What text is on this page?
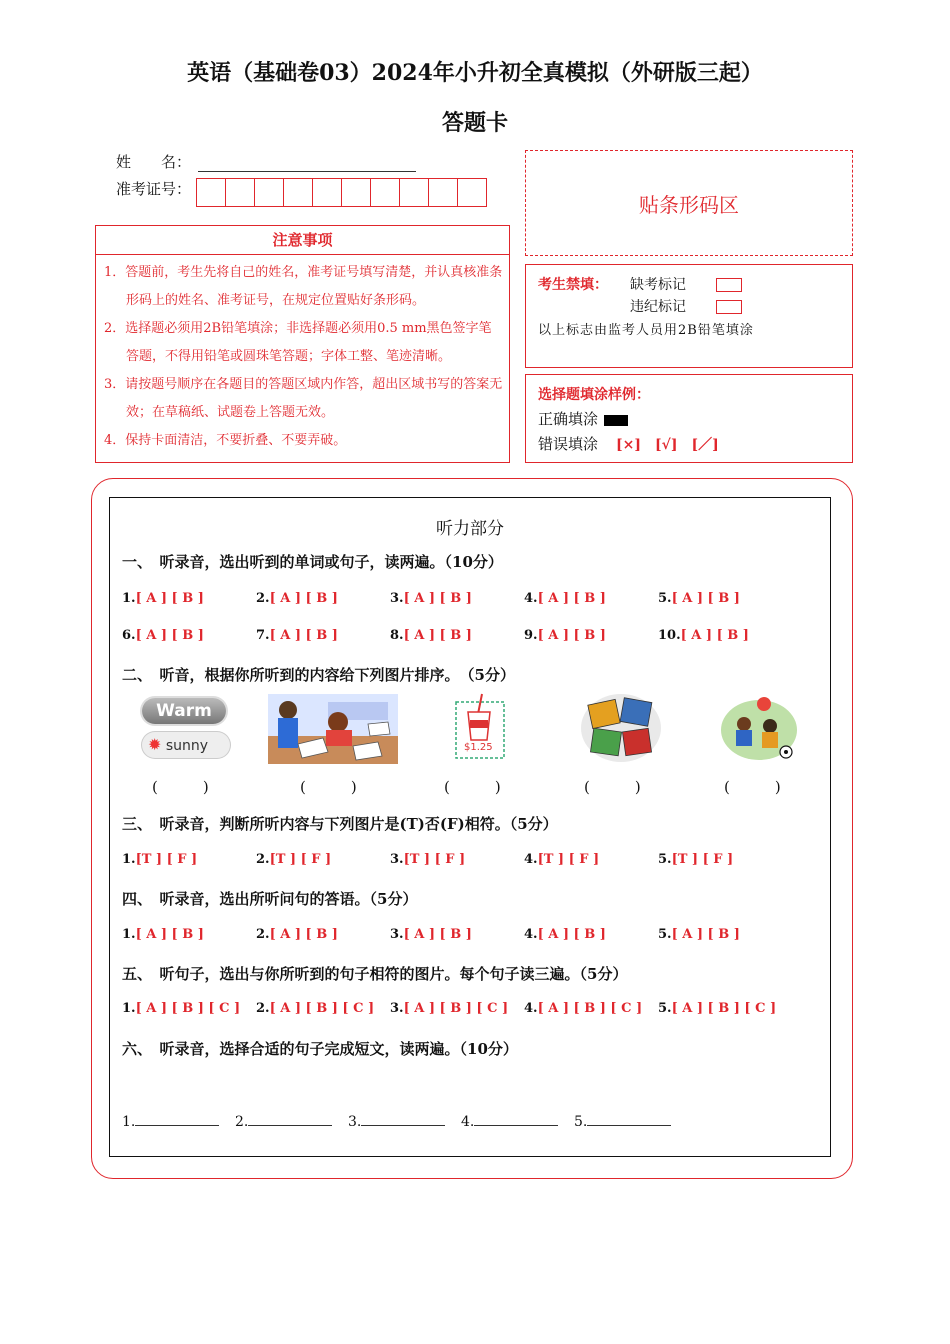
英语（基础卷03）2024年小升初全真模拟（外研版三起）
答题卡
姓　　名：
准考证号：
贴条形码区
注意事项

1．答题前，考生先将自己的姓名，准考证号填写清楚，并认真核准条形码上的姓名、准考证号，在规定位置贴好条形码。

2．选择题必须用2B铅笔填涂；非选择题必须用0.5 mm黑色签字笔答题，不得用铅笔或圆珠笔答题；字体工整、笔迹清晰。

3．请按题号顺序在各题目的答题区域内作答，超出区域书写的答案无效；在草稿纸、试题卷上答题无效。

4．保持卡面清洁，不要折叠、不要弄破。

考生禁填： 缺考标记
违纪标记
以上标志由监考人员用2B铅笔填涂
选择题填涂样例：
正确填涂
错误填涂 [×]　[√]　[／]
听力部分
一、　听录音，选出听到的单词或句子，读两遍。（10分）
1.[ A ] [ B ]	2.[ A ] [ B ]	3.[ A ] [ B ]	4.[ A ] [ B ]	5.[ A ] [ B ]
6.[ A ] [ B ]	7.[ A ] [ B ]	8.[ A ] [ B ]	9.[ A ] [ B ]	10.[ A ] [ B ]
二、　听音，根据你所听到的内容给下列图片排序。　（5分）
Warm
✹ sunny	$1.25
(　　　)	(　　　)	(　　　)	(　　　)	(　　　)
三、　听录音，判断所听内容与下列图片是(T)否(F)相符。（5分）
1.[T ] [ F ]	2.[T ] [ F ]	3.[T ] [ F ]	4.[T ] [ F ]	5.[T ] [ F ]
四、　听录音，选出所听问句的答语。（5分）
1.[ A ] [ B ]	2.[ A ] [ B ]	3.[ A ] [ B ]	4.[ A ] [ B ]	5.[ A ] [ B ]
五、　听句子，选出与你所听到的句子相符的图片。每个句子读三遍。（5分）
1.[ A ] [ B ] [ C ]	2.[ A ] [ B ] [ C ]	3.[ A ] [ B ] [ C ]	4.[ A ] [ B ] [ C ]	5.[ A ] [ B ] [ C ]
六、　听录音，选择合适的句子完成短文，读两遍。（10分）
1.	2.	3.	4.	5.
